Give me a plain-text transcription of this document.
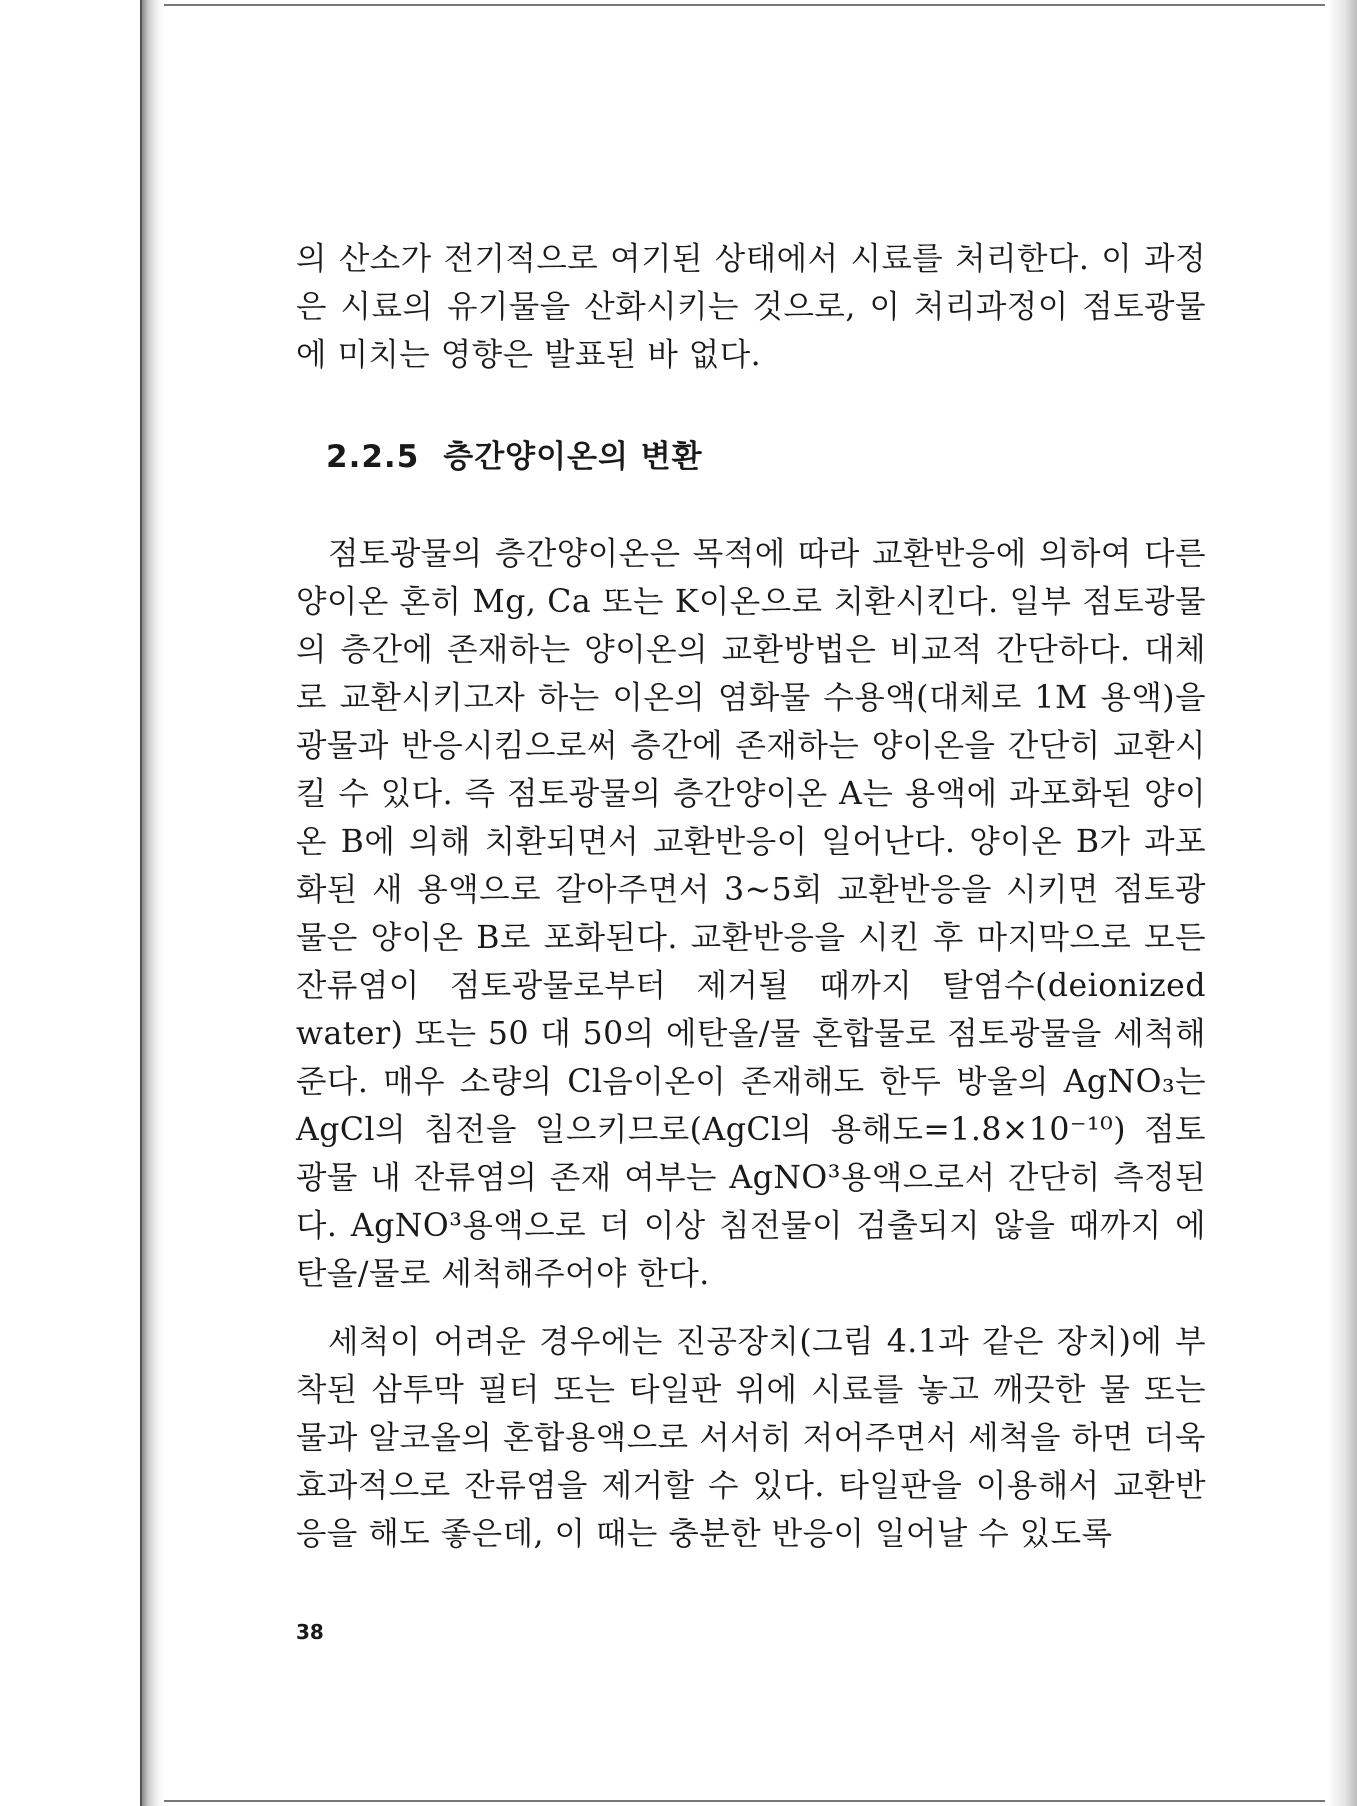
의 산소가 전기적으로 여기된 상태에서 시료를 처리한다. 이 과정은 시료의 유기물을 산화시키는 것으로, 이 처리과정이 점토광물에 미치는 영향은 발표된 바 없다.

2.2.5 층간양이온의 변환

점토광물의 층간양이온은 목적에 따라 교환반응에 의하여 다른 양이온 혼히 Mg, Ca 또는 K이온으로 치환시킨다. 일부 점토광물의 층간에 존재하는 양이온의 교환방법은 비교적 간단하다. 대체로 교환시키고자 하는 이온의 염화물 수용액(대체로 1M 용액)을 광물과 반응시킴으로써 층간에 존재하는 양이온을 간단히 교환시킬 수 있다. 즉 점토광물의 층간양이온 A는 용액에 과포화된 양이온 B에 의해 치환되면서 교환반응이 일어난다. 양이온 B가 과포화된 새 용액으로 갈아주면서 3~5회 교환반응을 시키면 점토광물은 양이온 B로 포화된다. 교환반응을 시킨 후 마지막으로 모든 잔류염이 점토광물로부터 제거될 때까지 탈염수(deionized water) 또는 50 대 50의 에탄올/물 혼합물로 점토광물을 세척해준다. 매우 소량의 Cl음이온이 존재해도 한두 방울의 AgNO₃는 AgCl의 침전을 일으키므로(AgCl의 용해도=1.8×10⁻¹⁰) 점토광물 내 잔류염의 존재 여부는 AgNO³용액으로서 간단히 측정된다. AgNO³용액으로 더 이상 침전물이 검출되지 않을 때까지 에탄올/물로 세척해주어야 한다.

세척이 어려운 경우에는 진공장치(그림 4.1과 같은 장치)에 부착된 삼투막 필터 또는 타일판 위에 시료를 놓고 깨끗한 물 또는 물과 알코올의 혼합용액으로 서서히 저어주면서 세척을 하면 더욱 효과적으로 잔류염을 제거할 수 있다. 타일판을 이용해서 교환반응을 해도 좋은데, 이 때는 충분한 반응이 일어날 수 있도록

38
